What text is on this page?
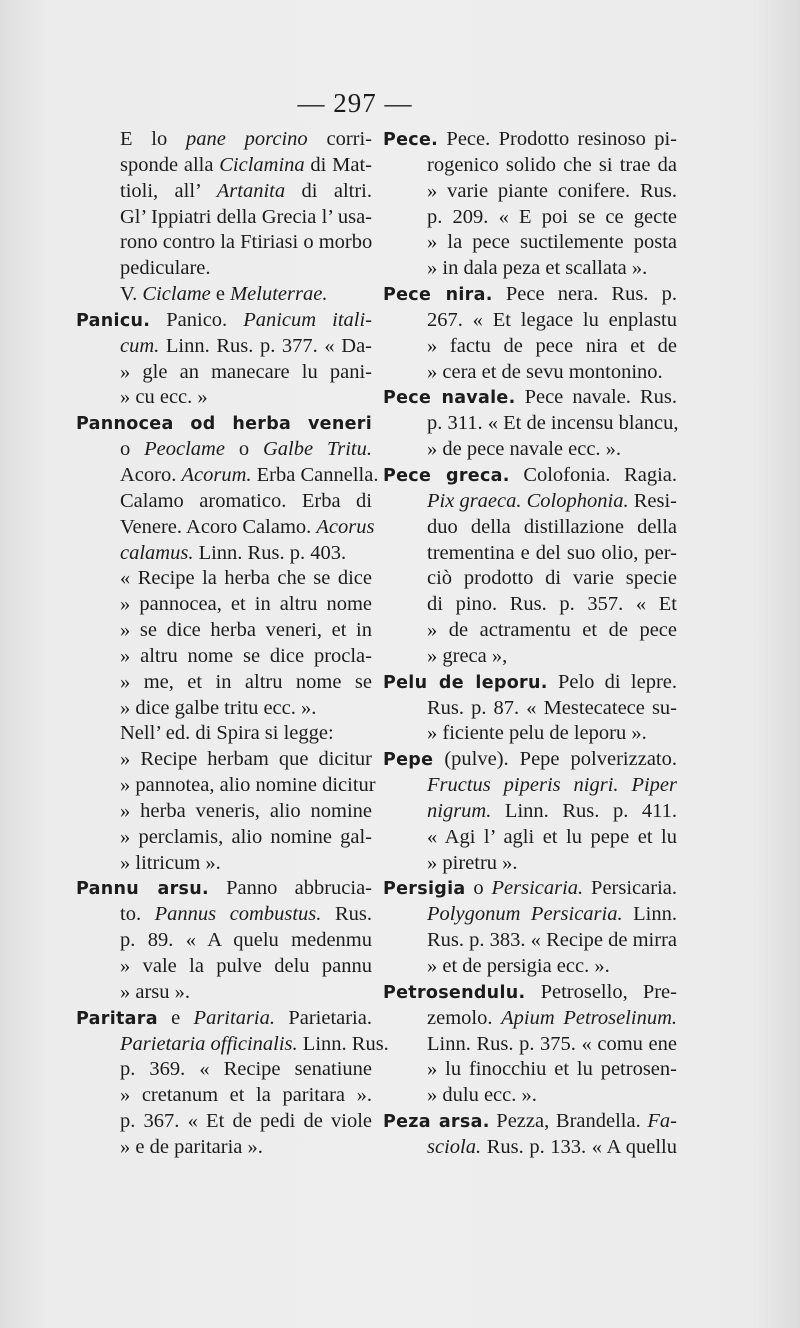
— 297 —
E lo pane porcino corri-
sponde alla Ciclamina di Mat-
tioli, all’ Artanita di altri.
Gl’ Ippiatri della Grecia l’ usa-
rono contro la Ftiriasi o morbo
pediculare.
V. Ciclame e Meluterrae.
Panicu. Panico. Panicum itali-
cum. Linn. Rus. p. 377. « Da-
» gle an manecare lu pani-
» cu ecc. »
Pannocea od herba veneri
o Peoclame o Galbe Tritu.
Acoro. Acorum. Erba Cannella.
Calamo aromatico. Erba di
Venere. Acoro Calamo. Acorus
calamus. Linn. Rus. p. 403.
« Recipe la herba che se dice
» pannocea, et in altru nome
» se dice herba veneri, et in
» altru nome se dice procla-
» me, et in altru nome se
» dice galbe tritu ecc. ».
Nell’ ed. di Spira si legge:
» Recipe herbam que dicitur
» pannotea, alio nomine dicitur
» herba veneris, alio nomine
» perclamis, alio nomine gal-
» litricum ».
Pannu arsu. Panno abbrucia-
to. Pannus combustus. Rus.
p. 89. « A quelu medenmu
» vale la pulve delu pannu
» arsu ».
Paritara e Paritaria. Parietaria.
Parietaria officinalis. Linn. Rus.
p. 369. « Recipe senatiune
» cretanum et la paritara ».
p. 367. « Et de pedi de viole
» e de paritaria ».
Pece. Pece. Prodotto resinoso pi-
rogenico solido che si trae da
» varie piante conifere. Rus.
p. 209. « E poi se ce gecte
» la pece suctilemente posta
» in dala peza et scallata ».
Pece nira. Pece nera. Rus. p.
267. « Et legace lu enplastu
» factu de pece nira et de
» cera et de sevu montonino.
Pece navale. Pece navale. Rus.
p. 311. « Et de incensu blancu,
» de pece navale ecc. ».
Pece greca. Colofonia. Ragia.
Pix graeca. Colophonia. Resi-
duo della distillazione della
trementina e del suo olio, per-
ciò prodotto di varie specie
di pino. Rus. p. 357. « Et
» de actramentu et de pece
» greca »,
Pelu de leporu. Pelo di lepre.
Rus. p. 87. « Mestecatece su-
» ficiente pelu de leporu ».
Pepe (pulve). Pepe polverizzato.
Fructus piperis nigri. Piper
nigrum. Linn. Rus. p. 411.
« Agi l’ agli et lu pepe et lu
» piretru ».
Persigia o Persicaria. Persicaria.
Polygonum Persicaria. Linn.
Rus. p. 383. « Recipe de mirra
» et de persigia ecc. ».
Petrosendulu. Petrosello, Pre-
zemolo. Apium Petroselinum.
Linn. Rus. p. 375. « comu ene
» lu finocchiu et lu petrosen-
» dulu ecc. ».
Peza arsa. Pezza, Brandella. Fa-
sciola. Rus. p. 133. « A quellu
